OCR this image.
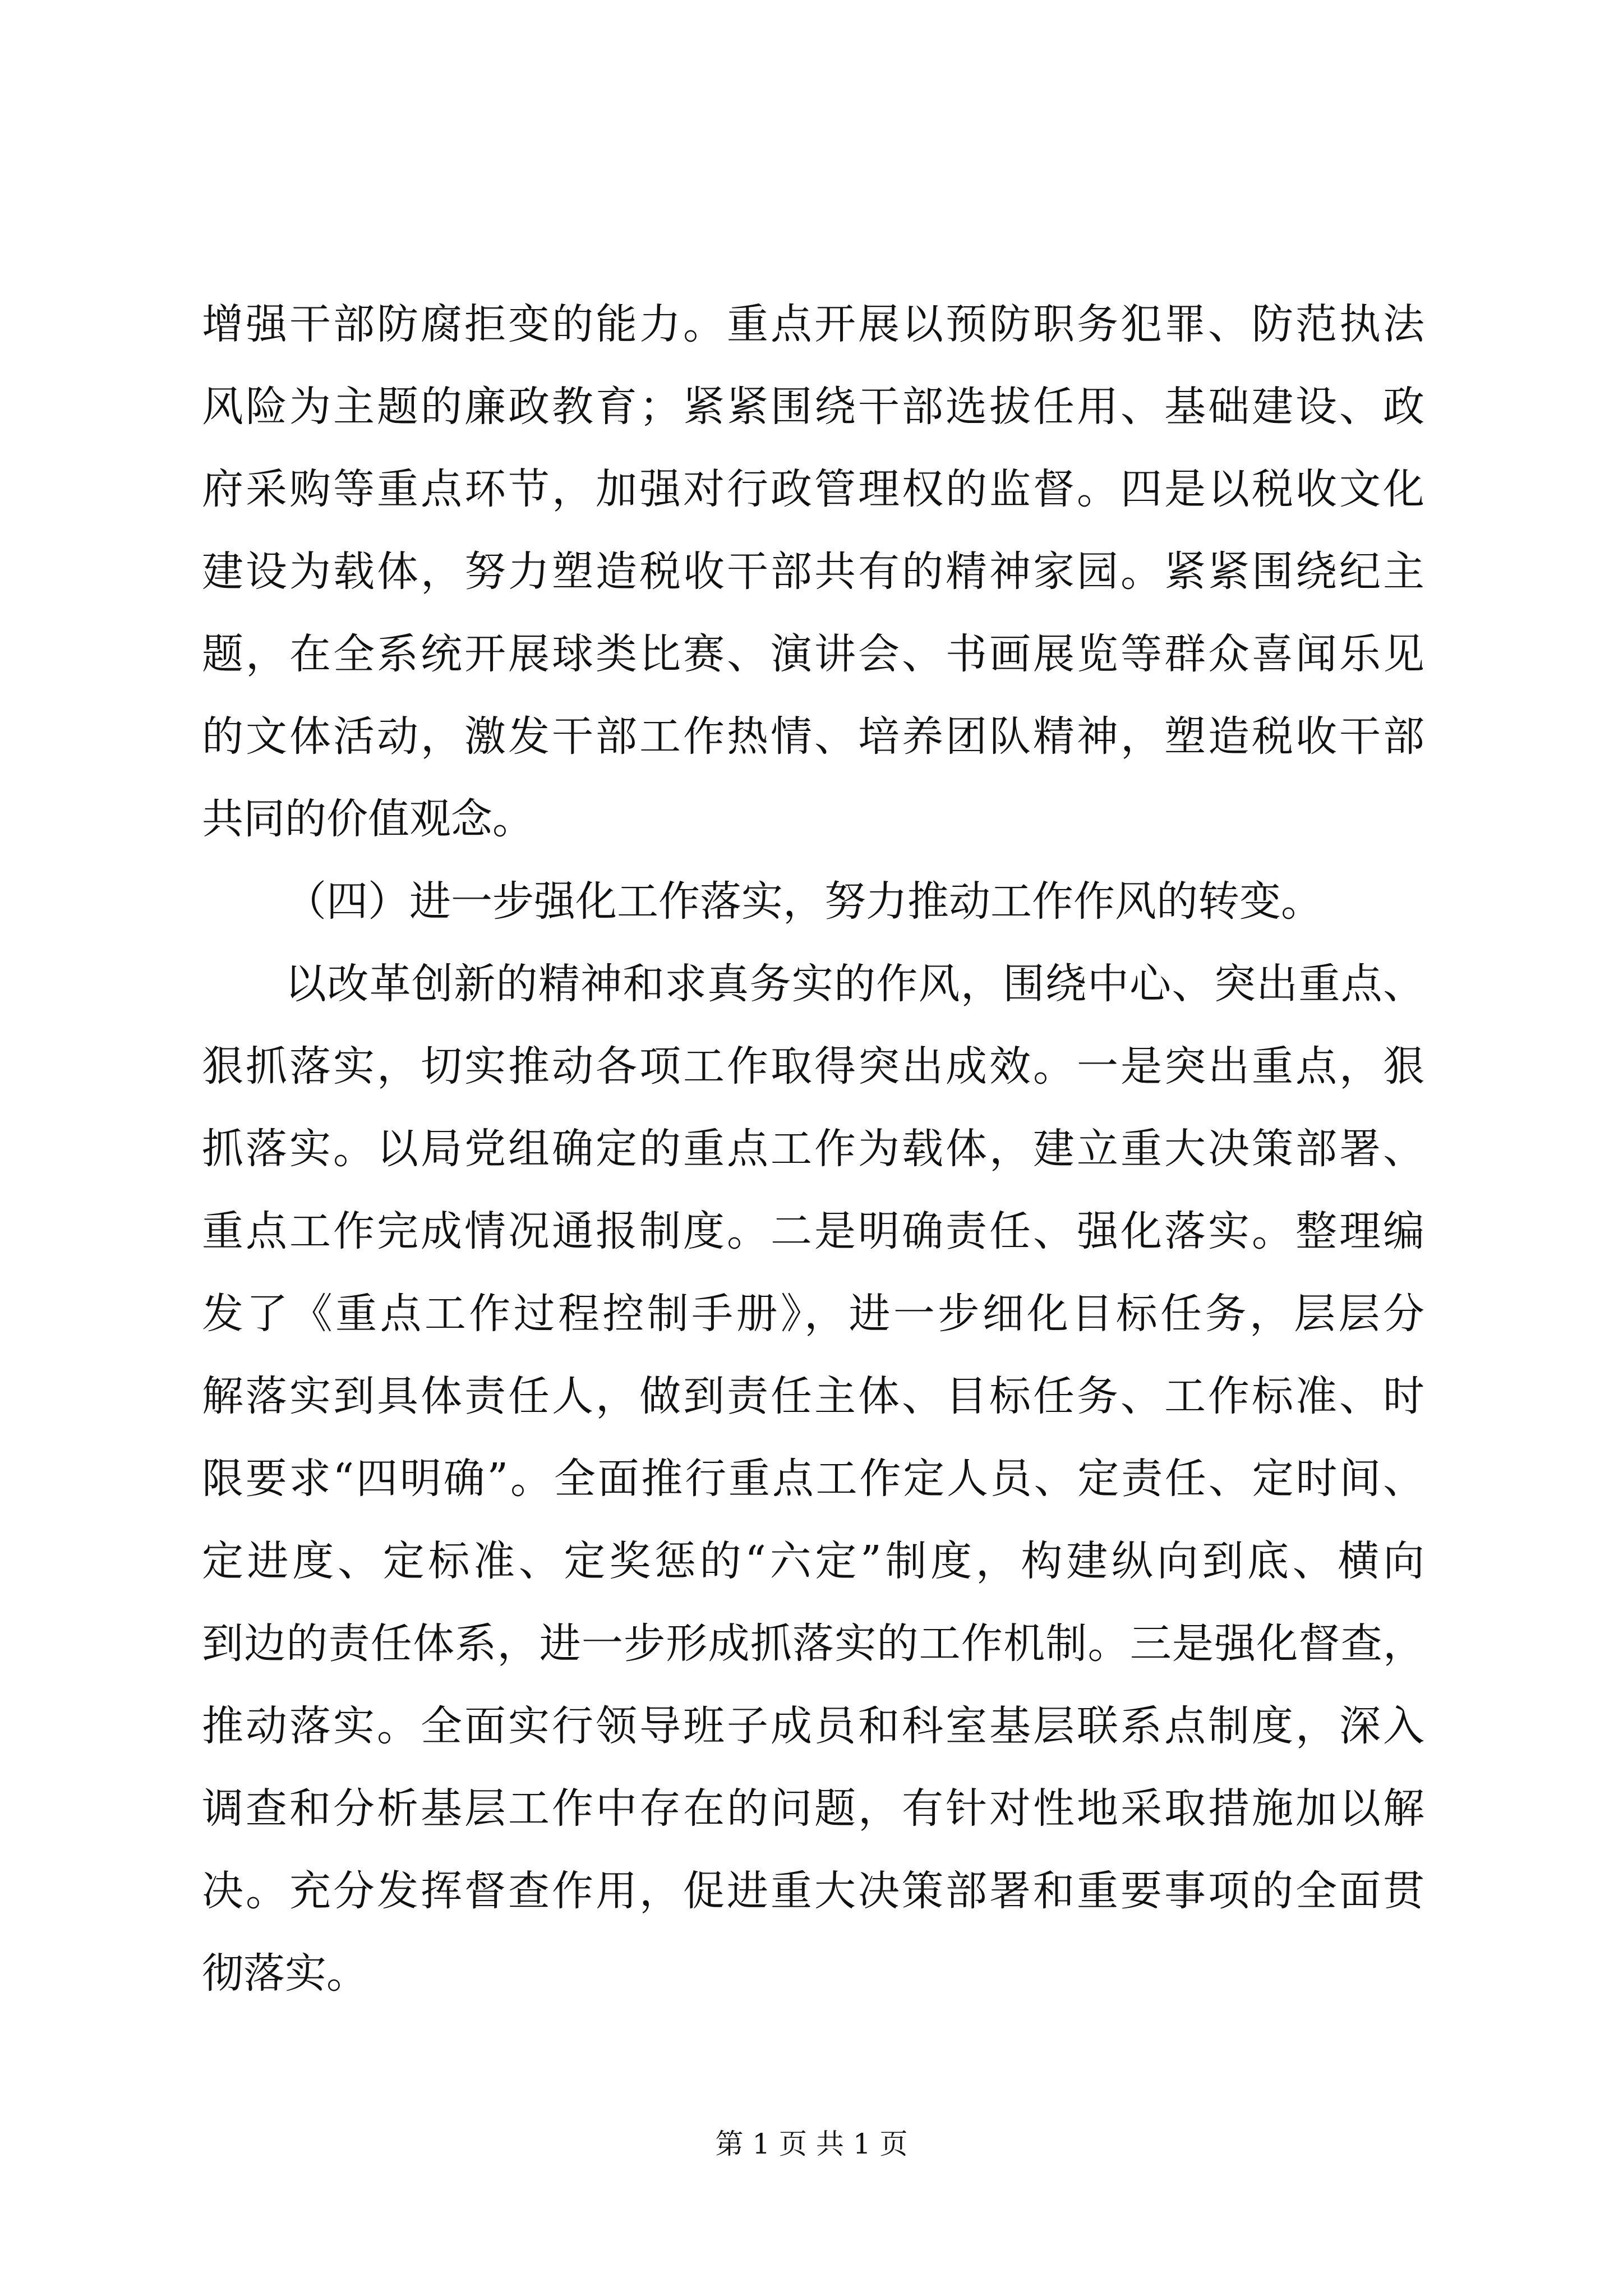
增强干部防腐拒变的能力。重点开展以预防职务犯罪、防范执法
风险为主题的廉政教育；紧紧围绕干部选拔任用、基础建设、政
府采购等重点环节，加强对行政管理权的监督。四是以税收文化
建设为载体，努力塑造税收干部共有的精神家园。紧紧围绕纪主
题，在全系统开展球类比赛、演讲会、书画展览等群众喜闻乐见
的文体活动，激发干部工作热情、培养团队精神，塑造税收干部
共同的价值观念。
（四）进一步强化工作落实，努力推动工作作风的转变。
以改革创新的精神和求真务实的作风，围绕中心、突出重点、
狠抓落实，切实推动各项工作取得突出成效。一是突出重点，狠
抓落实。以局党组确定的重点工作为载体，建立重大决策部署、
重点工作完成情况通报制度。二是明确责任、强化落实。整理编
发了《重点工作过程控制手册》，进一步细化目标任务，层层分
解落实到具体责任人，做到责任主体、目标任务、工作标准、时
限要求“四明确”。全面推行重点工作定人员、定责任、定时间、
定进度、定标准、定奖惩的“六定”制度，构建纵向到底、横向
到边的责任体系，进一步形成抓落实的工作机制。三是强化督查，
推动落实。全面实行领导班子成员和科室基层联系点制度，深入
调查和分析基层工作中存在的问题，有针对性地采取措施加以解
决。充分发挥督查作用，促进重大决策部署和重要事项的全面贯
彻落实。
第 1 页 共 1 页
